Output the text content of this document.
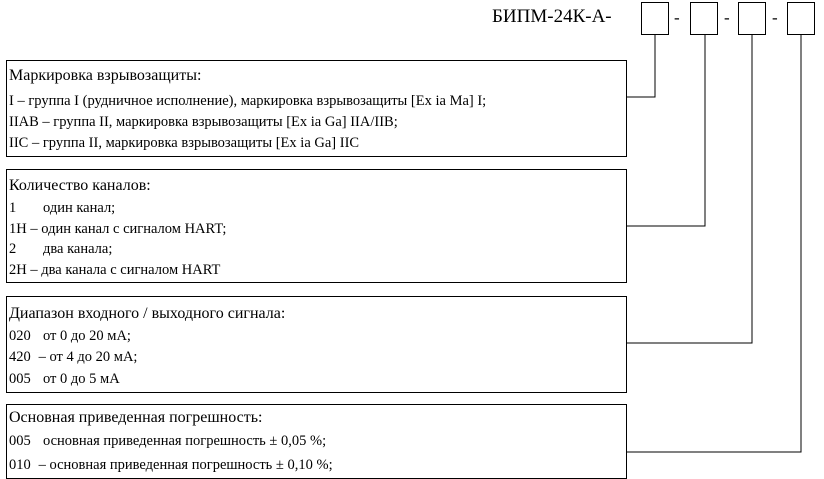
БИПМ-24К-А-	-	- -
Маркировка взрывозащиты:
I – группа I (рудничное исполнение), маркировка взрывозащиты [Ex ia Ma] I;
IIAB – группа II, маркировка взрывозащиты [Ex ia Ga] IIA/IIB;
IIC – группа II, маркировка взрывозащиты [Ex ia Ga] IIC
Количество каналов:
1 один канал;
1H – один канал с сигналом HART;
2 два канала;
2H – два канала с сигналом HART
Диапазон входного / выходного сигнала:
020 от 0 до 20 мА;
420 – от 4 до 20 мА;
005 от 0 до 5 мА
Основная приведенная погрешность:
005 основная приведенная погрешность ± 0,05 %;
010 – основная приведенная погрешность ± 0,10 %;
